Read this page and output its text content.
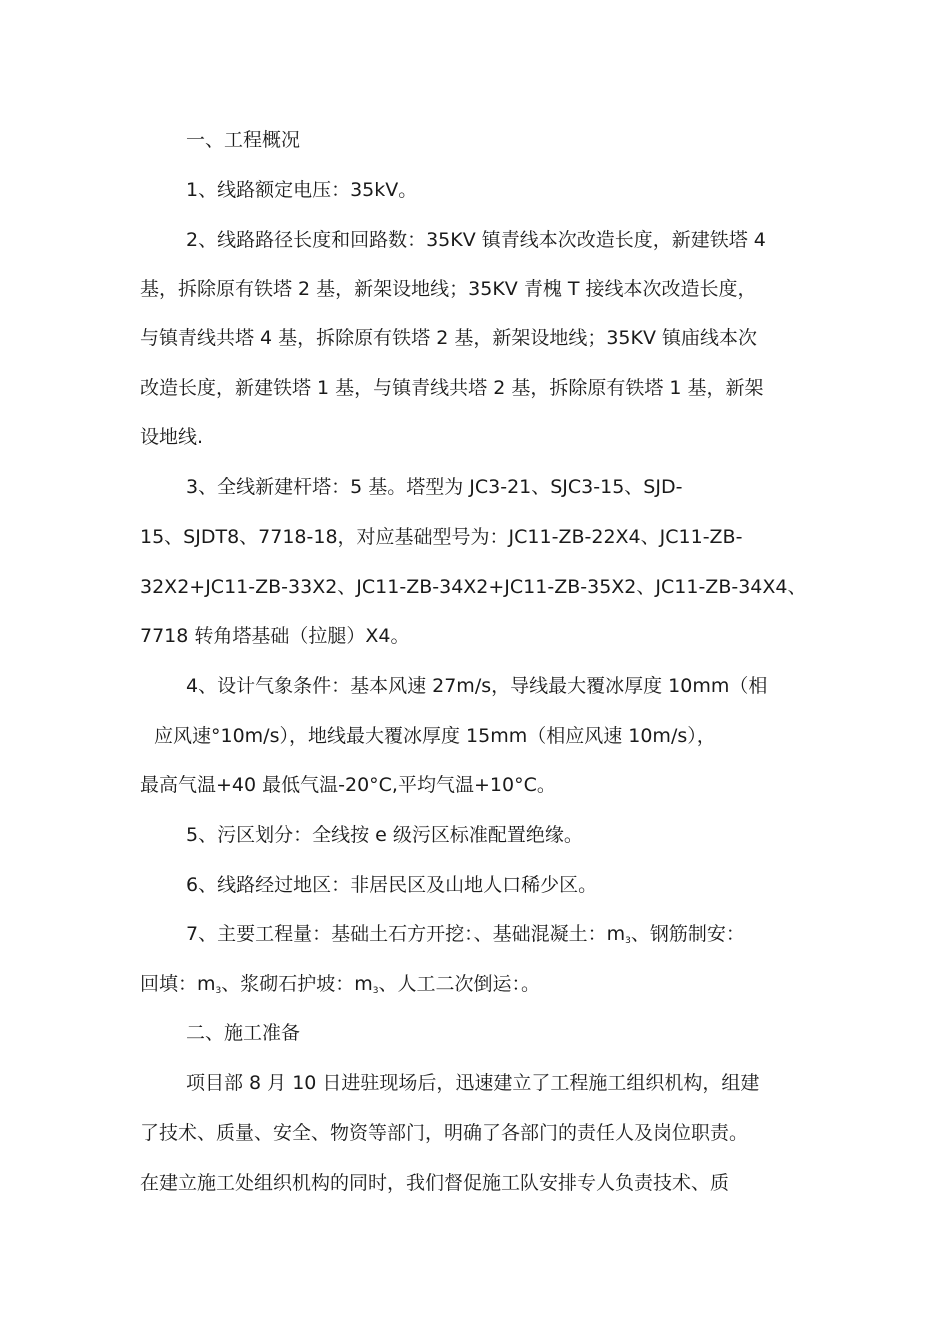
一、工程概况
1、线路额定电压：35kV。
2、线路路径长度和回路数：35KV 镇青线本次改造长度，新建铁塔 4
基，拆除原有铁塔 2 基，新架设地线；35KV 青槐 T 接线本次改造长度，
与镇青线共塔 4 基，拆除原有铁塔 2 基，新架设地线；35KV 镇庙线本次
改造长度，新建铁塔 1 基，与镇青线共塔 2 基，拆除原有铁塔 1 基，新架
设地线.
3、全线新建杆塔：5 基。塔型为 JC3-21、SJC3-15、SJD-
15、SJDT8、7718-18，对应基础型号为：JC11-ZB-22X4、JC11-ZB-
32X2+JC11-ZB-33X2、JC11-ZB-34X2+JC11-ZB-35X2、JC11-ZB-34X4、
7718 转角塔基础（拉腿）X4。
4、设计气象条件：基本风速 27m/s，导线最大覆冰厚度 10mm（相
应风速°10m/s），地线最大覆冰厚度 15mm（相应风速 10m/s），
最高气温+40 最低气温-20°C,平均气温+10°C。
5、污区划分：全线按 e 级污区标准配置绝缘。
6、线路经过地区：非居民区及山地人口稀少区。
7、主要工程量：基础土石方开挖：、基础混凝土：m3、钢筋制安：
回填：m3、浆砌石护坡：m3、人工二次倒运：。
二、施工准备
项目部 8 月 10 日进驻现场后，迅速建立了工程施工组织机构，组建
了技术、质量、安全、物资等部门，明确了各部门的责任人及岗位职责。
在建立施工处组织机构的同时，我们督促施工队安排专人负责技术、质
